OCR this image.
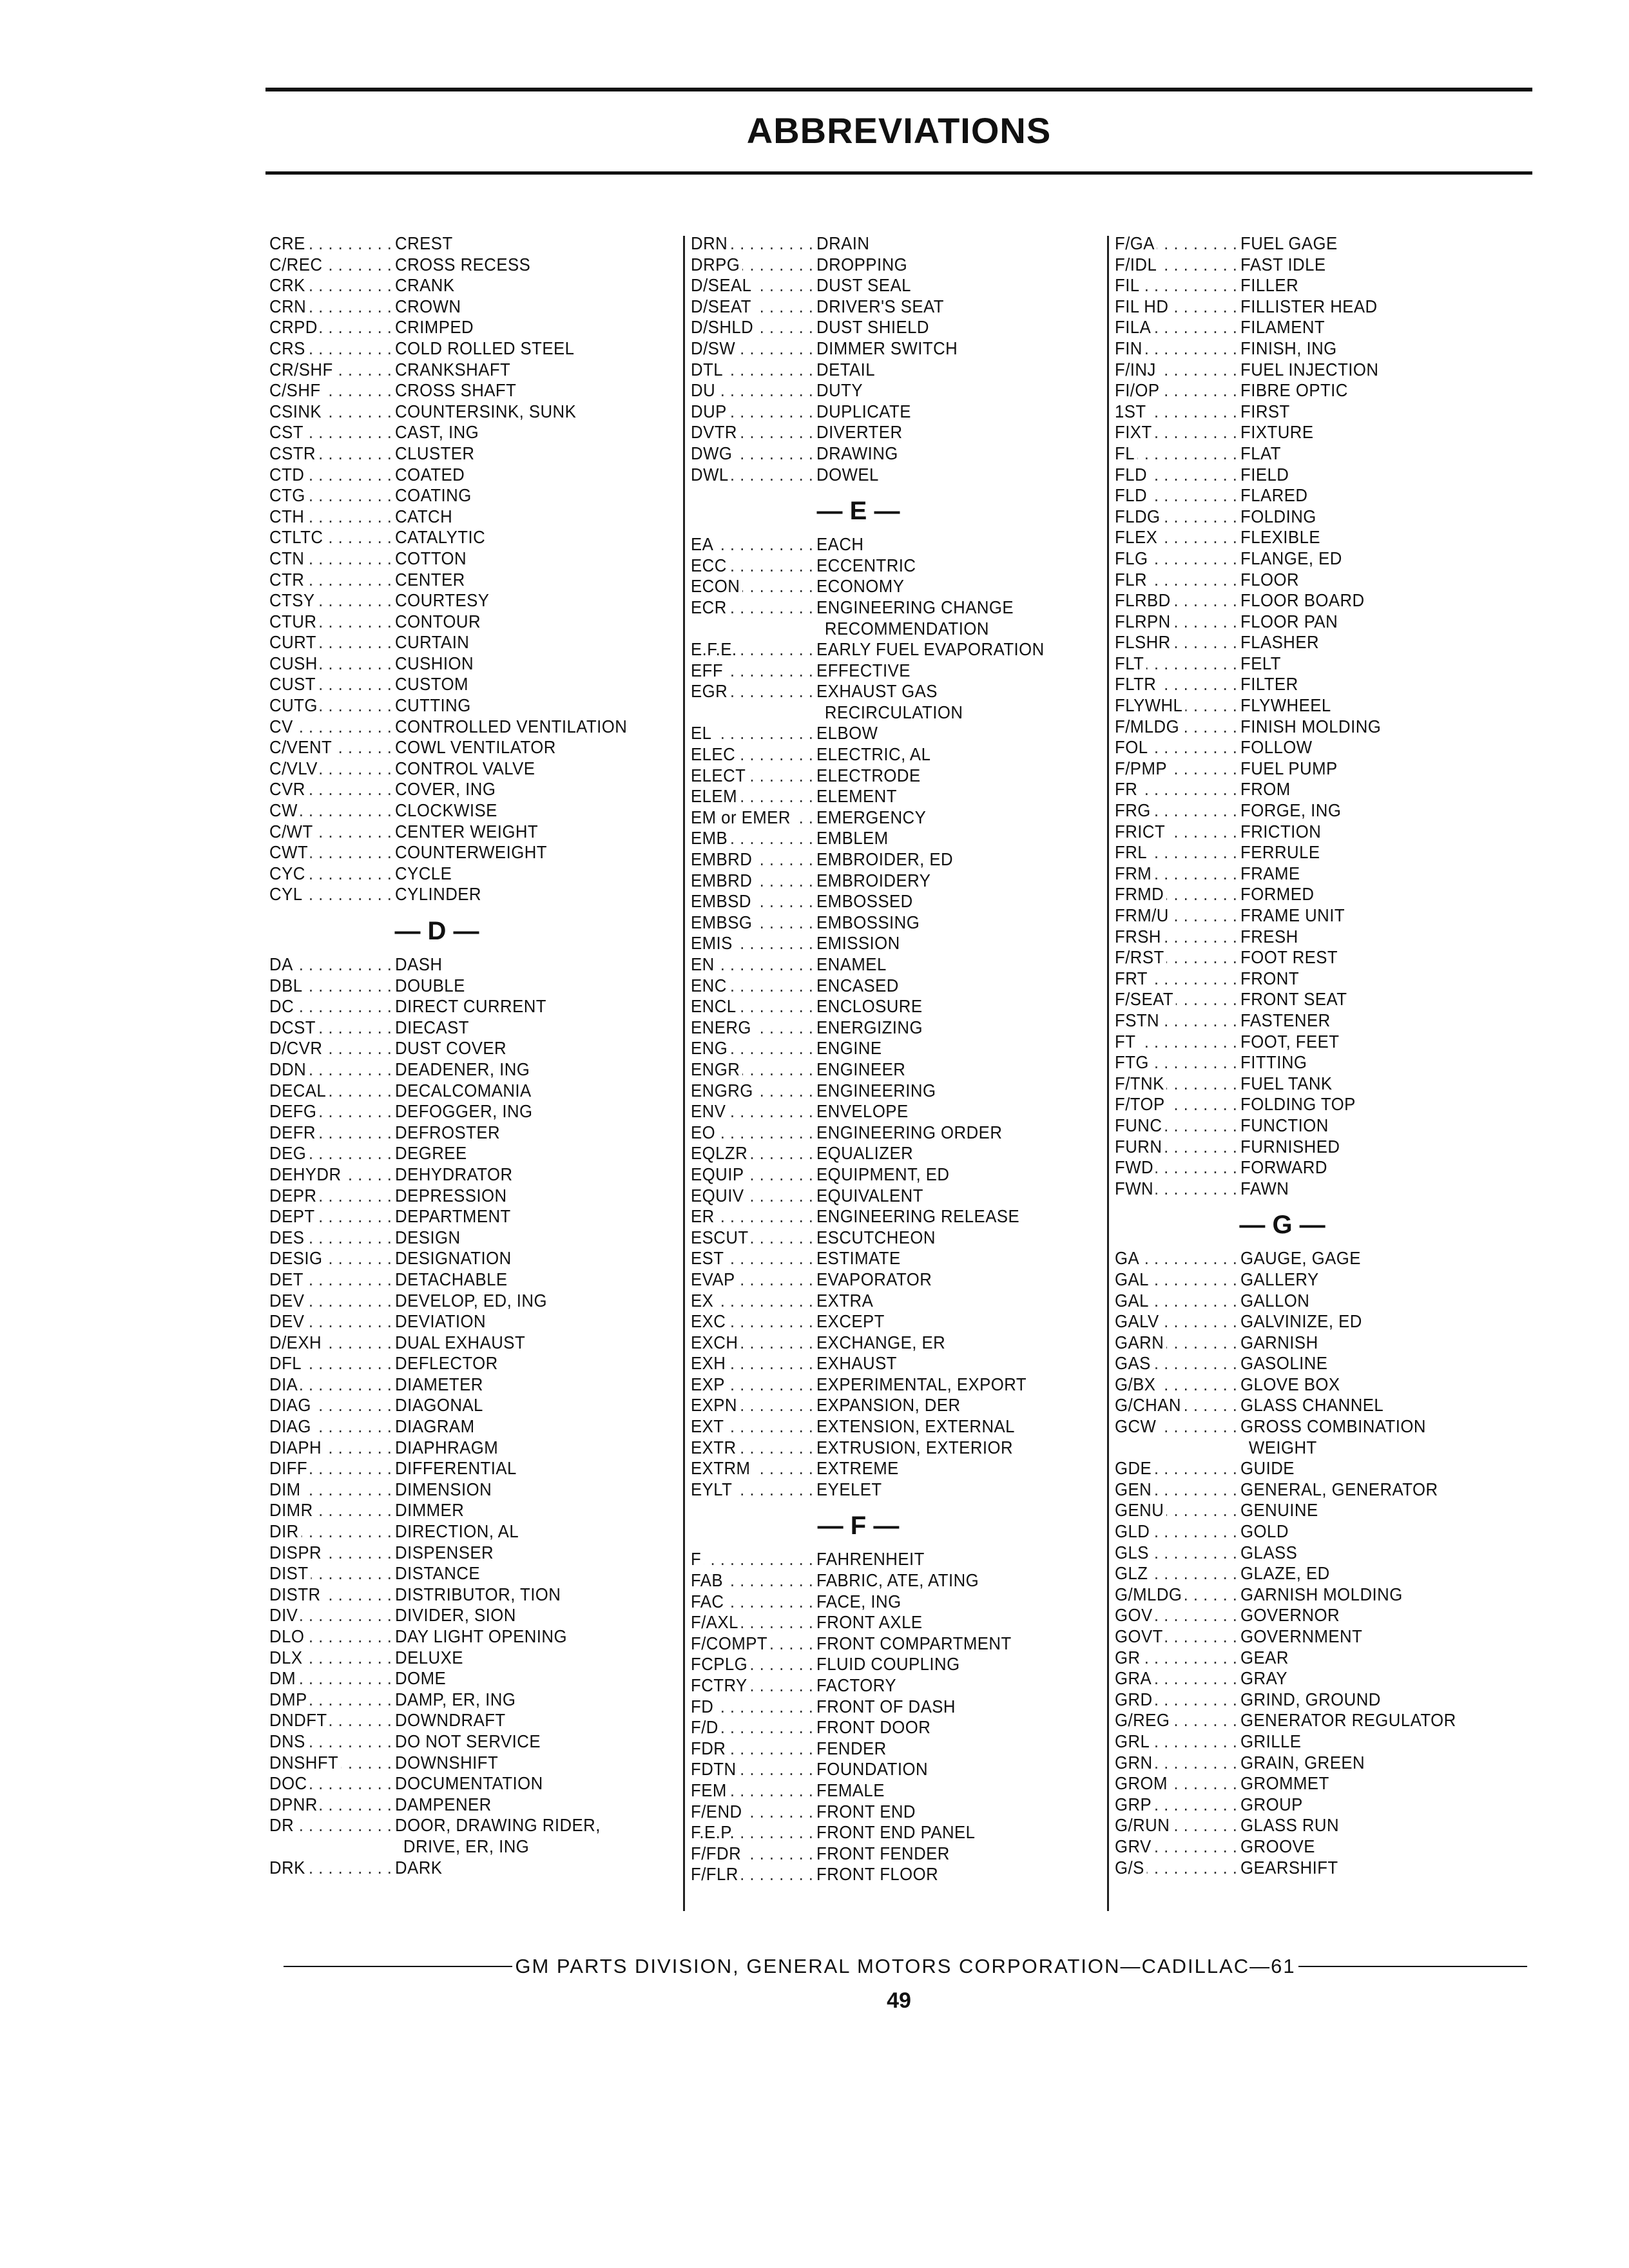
ABBREVIATIONS
CRE . . .	CREST
C/REC . . .	CROSS RECESS
CRK . . .	CRANK
CRN . . .	CROWN
CRPD . . .	CRIMPED
CRS . . .	COLD ROLLED STEEL
CR/SHF . . .	CRANKSHAFT
C/SHF . . .	CROSS SHAFT
CSINK . . .	COUNTERSINK, SUNK
CST . . .	CAST, ING
CSTR . . .	CLUSTER
CTD . . .	COATED
CTG . . .	COATING
CTH . . .	CATCH
CTLTC . . .	CATALYTIC
CTN . . .	COTTON
CTR . . .	CENTER
CTSY . . .	COURTESY
CTUR . . .	CONTOUR
CURT . . .	CURTAIN
CUSH . . .	CUSHION
CUST . . .	CUSTOM
CUTG . . .	CUTTING
CV . . .	CONTROLLED VENTILATION
C/VENT . . .	COWL VENTILATOR
C/VLV . . .	CONTROL VALVE
CVR . . .	COVER, ING
CW . . .	CLOCKWISE
C/WT . . .	CENTER WEIGHT
CWT . . .	COUNTERWEIGHT
CYC . . .	CYCLE
CYL . . .	CYLINDER
— D —
DA . . .	DASH
DBL . . .	DOUBLE
DC . . .	DIRECT CURRENT
DCST . . .	DIECAST
D/CVR . . .	DUST COVER
DDN . . .	DEADENER, ING
DECAL . . .	DECALCOMANIA
DEFG . . .	DEFOGGER, ING
DEFR . . .	DEFROSTER
DEG . . .	DEGREE
DEHYDR . . .	DEHYDRATOR
DEPR . . .	DEPRESSION
DEPT . . .	DEPARTMENT
DES . . .	DESIGN
DESIG . . .	DESIGNATION
DET . . .	DETACHABLE
DEV . . .	DEVELOP, ED, ING
DEV . . .	DEVIATION
D/EXH . . .	DUAL EXHAUST
DFL . . .	DEFLECTOR
DIA . . .	DIAMETER
DIAG . . .	DIAGONAL
DIAG . . .	DIAGRAM
DIAPH . . .	DIAPHRAGM
DIFF . . .	DIFFERENTIAL
DIM . . .	DIMENSION
DIMR . . .	DIMMER
DIR . . .	DIRECTION, AL
DISPR . . .	DISPENSER
DIST . . .	DISTANCE
DISTR . . .	DISTRIBUTOR, TION
DIV . . .	DIVIDER, SION
DLO . . .	DAY LIGHT OPENING
DLX . . .	DELUXE
DM . . .	DOME
DMP . . .	DAMP, ER, ING
DNDFT . . .	DOWNDRAFT
DNS . . .	DO NOT SERVICE
DNSHFT . . .	DOWNSHIFT
DOC . . .	DOCUMENTATION
DPNR . . .	DAMPENER
DR . . .	DOOR, DRAWING RIDER,
DRIVE, ER, ING
DRK . . .	DARK
DRN . . .	DRAIN
DRPG . . .	DROPPING
D/SEAL . . .	DUST SEAL
D/SEAT . . .	DRIVER'S SEAT
D/SHLD . . .	DUST SHIELD
D/SW . . .	DIMMER SWITCH
DTL . . .	DETAIL
DU . . .	DUTY
DUP . . .	DUPLICATE
DVTR . . .	DIVERTER
DWG . . .	DRAWING
DWL . . .	DOWEL
— E —
EA . . .	EACH
ECC . . .	ECCENTRIC
ECON . . .	ECONOMY
ECR . . .	ENGINEERING CHANGE
RECOMMENDATION
E.F.E. . . .	EARLY FUEL EVAPORATION
EFF . . .	EFFECTIVE
EGR . . .	EXHAUST GAS
RECIRCULATION
EL . . .	ELBOW
ELEC . . .	ELECTRIC, AL
ELECT . . .	ELECTRODE
ELEM . . .	ELEMENT
EM or EMER . . . EMERGENCY
EMB . . .	EMBLEM
EMBRD . . .	EMBROIDER, ED
EMBRD . . .	EMBROIDERY
EMBSD . . .	EMBOSSED
EMBSG . . .	EMBOSSING
EMIS . . .	EMISSION
EN . . .	ENAMEL
ENC . . .	ENCASED
ENCL . . .	ENCLOSURE
ENERG . . .	ENERGIZING
ENG . . .	ENGINE
ENGR . . .	ENGINEER
ENGRG . . .	ENGINEERING
ENV . . .	ENVELOPE
EO . . .	ENGINEERING ORDER
EQLZR . . .	EQUALIZER
EQUIP . . .	EQUIPMENT, ED
EQUIV . . .	EQUIVALENT
ER . . .	ENGINEERING RELEASE
ESCUT . . .	ESCUTCHEON
EST . . .	ESTIMATE
EVAP . . .	EVAPORATOR
EX . . .	EXTRA
EXC . . .	EXCEPT
EXCH . . .	EXCHANGE, ER
EXH . . .	EXHAUST
EXP . . .	EXPERIMENTAL, EXPORT
EXPN . . .	EXPANSION, DER
EXT . . .	EXTENSION, EXTERNAL
EXTR . . .	EXTRUSION, EXTERIOR
EXTRM . . .	EXTREME
EYLT . . .	EYELET
— F —
F . . .	FAHRENHEIT
FAB . . .	FABRIC, ATE, ATING
FAC . . .	FACE, ING
F/AXL . . .	FRONT AXLE
F/COMPT . . .	FRONT COMPARTMENT
FCPLG . . .	FLUID COUPLING
FCTRY . . .	FACTORY
FD . . .	FRONT OF DASH
F/D . . .	FRONT DOOR
FDR . . .	FENDER
FDTN . . .	FOUNDATION
FEM . . .	FEMALE
F/END . . .	FRONT END
F.E.P. . . .	FRONT END PANEL
F/FDR . . .	FRONT FENDER
F/FLR . . .	FRONT FLOOR
F/GA . . .	FUEL GAGE
F/IDL . . .	FAST IDLE
FIL . . .	FILLER
FIL HD . . .	FILLISTER HEAD
FILA . . .	FILAMENT
FIN . . .	FINISH, ING
F/INJ . . .	FUEL INJECTION
FI/OP . . .	FIBRE OPTIC
1ST . . .	FIRST
FIXT . . .	FIXTURE
FL . . .	FLAT
FLD . . .	FIELD
FLD . . .	FLARED
FLDG . . .	FOLDING
FLEX . . .	FLEXIBLE
FLG . . .	FLANGE, ED
FLR . . .	FLOOR
FLRBD . . .	FLOOR BOARD
FLRPN . . .	FLOOR PAN
FLSHR . . .	FLASHER
FLT . . .	FELT
FLTR . . .	FILTER
FLYWHL . . .	FLYWHEEL
F/MLDG . . .	FINISH MOLDING
FOL . . .	FOLLOW
F/PMP . . .	FUEL PUMP
FR . . .	FROM
FRG . . .	FORGE, ING
FRICT . . .	FRICTION
FRL . . .	FERRULE
FRM . . .	FRAME
FRMD . . .	FORMED
FRM/U . . .	FRAME UNIT
FRSH . . .	FRESH
F/RST . . .	FOOT REST
FRT . . .	FRONT
F/SEAT . . .	FRONT SEAT
FSTN . . .	FASTENER
FT . . .	FOOT, FEET
FTG . . .	FITTING
F/TNK . . .	FUEL TANK
F/TOP . . .	FOLDING TOP
FUNC . . .	FUNCTION
FURN . . .	FURNISHED
FWD . . .	FORWARD
FWN . . .	FAWN
— G —
GA . . .	GAUGE, GAGE
GAL . . .	GALLERY
GAL . . .	GALLON
GALV . . .	GALVINIZE, ED
GARN . . .	GARNISH
GAS . . .	GASOLINE
G/BX . . .	GLOVE BOX
G/CHAN . . .	GLASS CHANNEL
GCW . . .	GROSS COMBINATION
WEIGHT
GDE . . .	GUIDE
GEN . . .	GENERAL, GENERATOR
GENU . . .	GENUINE
GLD . . .	GOLD
GLS . . .	GLASS
GLZ . . .	GLAZE, ED
G/MLDG . . .	GARNISH MOLDING
GOV . . .	GOVERNOR
GOVT . . .	GOVERNMENT
GR . . .	GEAR
GRA . . .	GRAY
GRD . . .	GRIND, GROUND
G/REG . . .	GENERATOR REGULATOR
GRL . . .	GRILLE
GRN . . .	GRAIN, GREEN
GROM . . .	GROMMET
GRP . . .	GROUP
G/RUN . . .	GLASS RUN
GRV . . .	GROOVE
G/S . . .	GEARSHIFT
GM PARTS DIVISION, GENERAL MOTORS CORPORATION—CADILLAC—61
49
